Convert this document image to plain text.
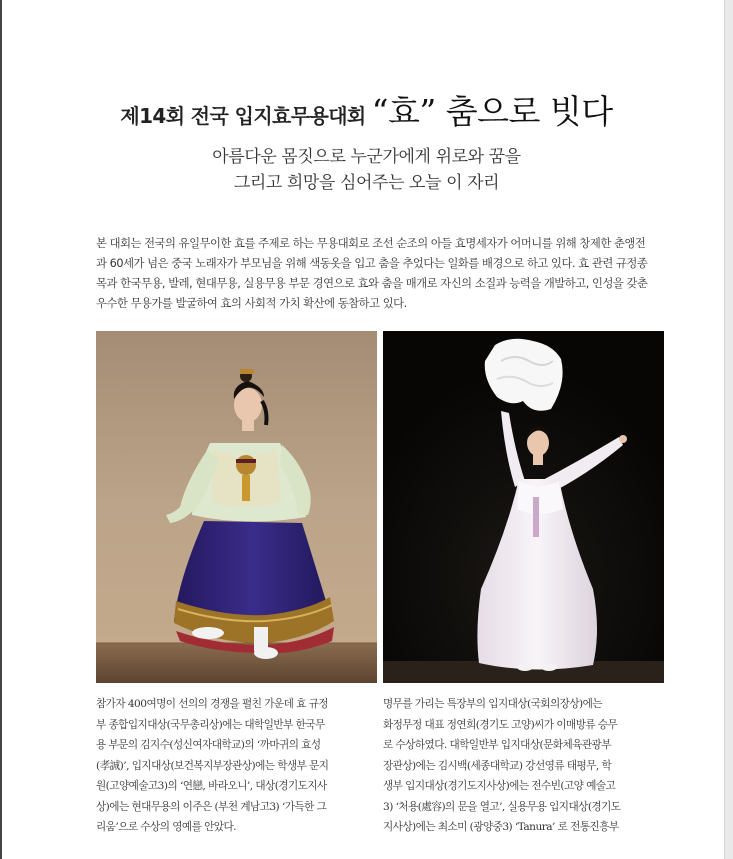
제14회 전국 입지효무용대회 “효” 춤으로 빗다
아름다운 몸짓으로 누군가에게 위로와 꿈을
그리고 희망을 심어주는 오늘 이 자리
본 대회는 전국의 유일무이한 효를 주제로 하는 무용대회로 조선 순조의 아들 효명세자가 어머니를 위해 창제한 춘앵전
과 60세가 넘은 중국 노래자가 부모님을 위해 색동옷을 입고 춤을 추었다는 일화를 배경으로 하고 있다. 효 관련 규정종
목과 한국무용, 발레, 현대무용, 실용무용 부문 경연으로 효와 춤을 매개로 자신의 소질과 능력을 개발하고, 인성을 갖춘
우수한 무용가를 발굴하여 효의 사회적 가치 확산에 동참하고 있다.
참가자 400여명이 선의의 경쟁을 펼친 가운데 효 규정
부 종합입지대상(국무총리상)에는 대학일반부 한국무
용 부문의 김지수(성신여자대학교)의 ‘까마귀의 효성
(孝誠)’, 입지대상(보건복지부장관상)에는 학생부 문지
원(고양예술고3)의 ‘연戀, 바라오니’, 대상(경기도지사
상)에는 현대무용의 이주은 (부천 계남고3) ‘가득한 그
리움’으로 수상의 영예를 안았다.
명무를 가리는 특장부의 입지대상(국회의장상)에는
화정무정 대표 정연희(경기도 고양)씨가 이매방류 승무
로 수상하였다. 대학일반부 입지대상(문화체육관광부
장관상)에는 김시백(세종대학교) 강선영류 태평무, 학
생부 입지대상(경기도지사상)에는 전수빈(고양 예술고
3) ‘처용(處容)의 문을 열고’, 실용무용 입지대상(경기도
지사상)에는 최소미 (광양중3) ‘Tanura’ 로 전통진흥부
